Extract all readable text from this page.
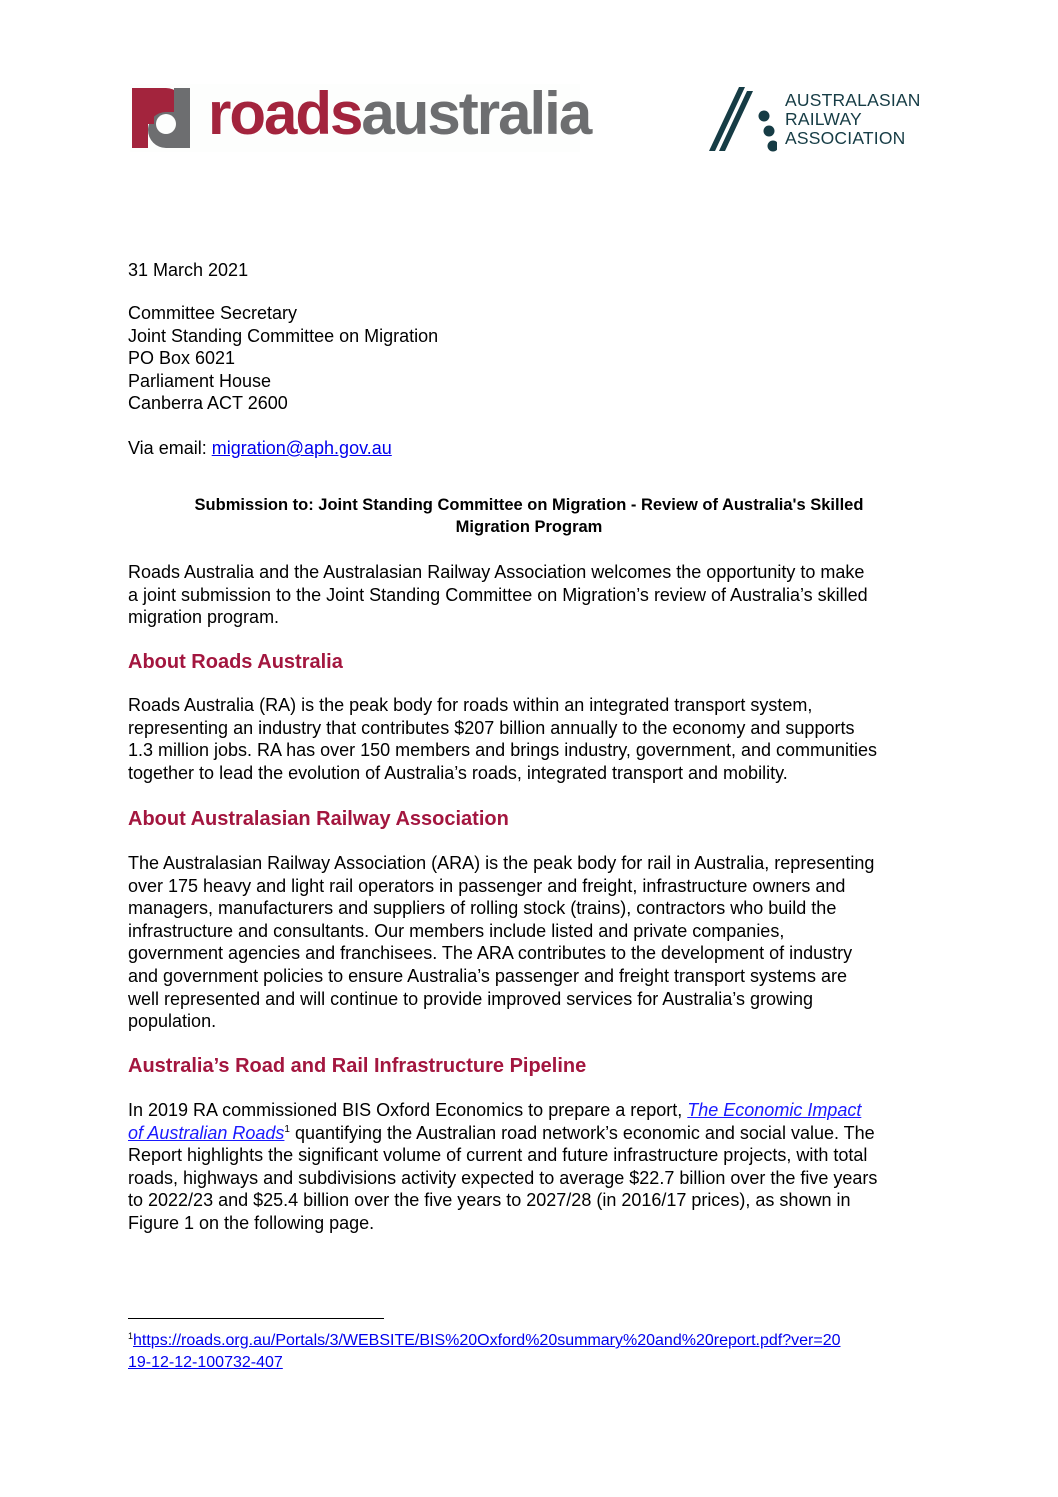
roadsaustralia	AUSTRALASIAN
RAILWAY
ASSOCIATION
31 March 2021
Committee Secretary
Joint Standing Committee on Migration
PO Box 6021
Parliament House
Canberra ACT 2600
Via email: migration@aph.gov.au
Submission to: Joint Standing Committee on Migration - Review of Australia's Skilled
Migration Program
Roads Australia and the Australasian Railway Association welcomes the opportunity to make
a joint submission to the Joint Standing Committee on Migration’s review of Australia’s skilled
migration program.
About Roads Australia
Roads Australia (RA) is the peak body for roads within an integrated transport system,
representing an industry that contributes $207 billion annually to the economy and supports
1.3 million jobs. RA has over 150 members and brings industry, government, and communities
together to lead the evolution of Australia’s roads, integrated transport and mobility.
About Australasian Railway Association
The Australasian Railway Association (ARA) is the peak body for rail in Australia, representing
over 175 heavy and light rail operators in passenger and freight, infrastructure owners and
managers, manufacturers and suppliers of rolling stock (trains), contractors who build the
infrastructure and consultants. Our members include listed and private companies,
government agencies and franchisees. The ARA contributes to the development of industry
and government policies to ensure Australia’s passenger and freight transport systems are
well represented and will continue to provide improved services for Australia’s growing
population.
Australia’s Road and Rail Infrastructure Pipeline
In 2019 RA commissioned BIS Oxford Economics to prepare a report, The Economic Impact
of Australian Roads$^1$ quantifying the Australian road network’s economic and social value. The
Report highlights the significant volume of current and future infrastructure projects, with total
roads, highways and subdivisions activity expected to average $22.7 billion over the five years
to 2022/23 and $25.4 billion over the five years to 2027/28 (in 2016/17 prices), as shown in
Figure 1 on the following page.
$^1$https://roads.org.au/Portals/3/WEBSITE/BIS%20Oxford%20summary%20and%20report.pdf?ver=20
19-12-12-100732-407
